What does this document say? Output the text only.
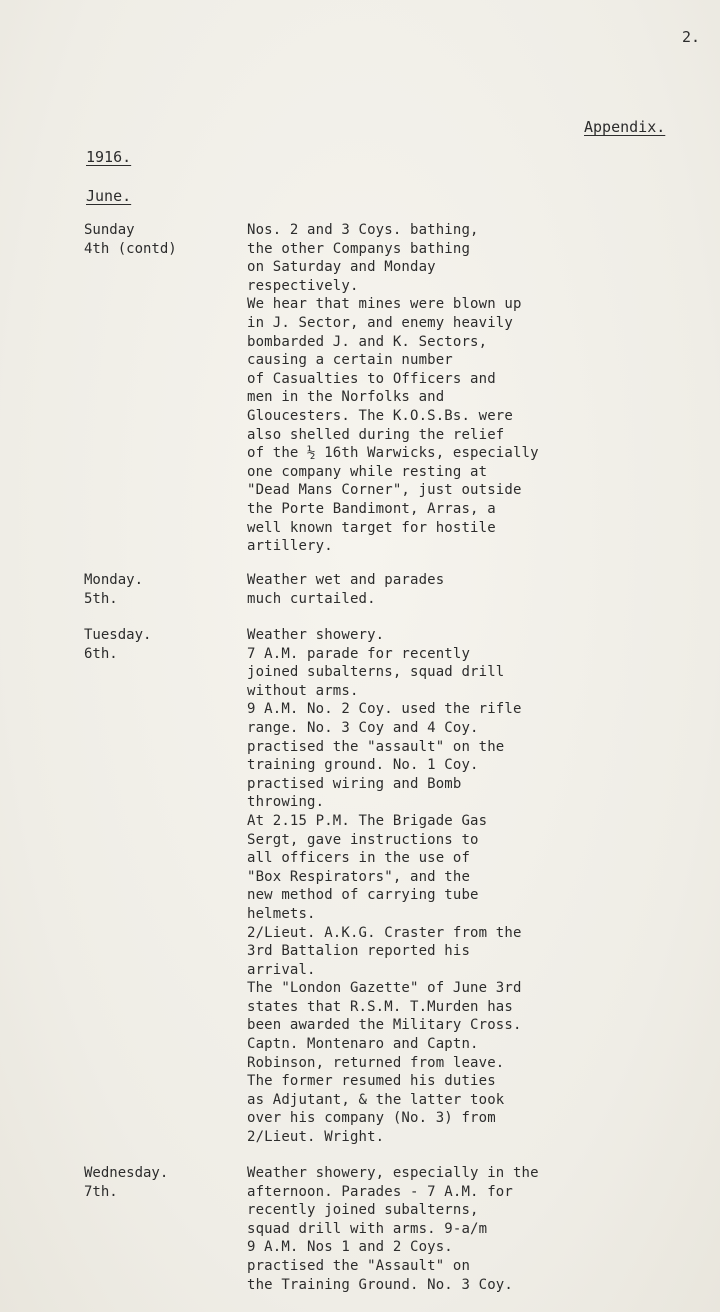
2.
Appendix.
1916.
June.
Sunday
4th (contd)
Nos. 2 and 3 Coys. bathing,
the other Companys bathing
on Saturday and Monday
respectively.
We hear that mines were blown up
in J. Sector, and enemy heavily
bombarded J. and K. Sectors,
causing a certain number
of Casualties to Officers and
men in the Norfolks and
Gloucesters. The K.O.S.Bs. were
also shelled during the relief
of the ½ 16th Warwicks, especially
one company while resting at
"Dead Mans Corner", just outside
the Porte Bandimont, Arras, a
well known target for hostile
artillery.
Monday.
5th.
Weather wet and parades
much curtailed.
Tuesday.
6th.
Weather showery.
7 A.M. parade for recently
joined subalterns, squad drill
without arms.
9 A.M. No. 2 Coy. used the rifle
range. No. 3 Coy and 4 Coy.
practised the "assault" on the
training ground. No. 1 Coy.
practised wiring and Bomb
throwing.
At 2.15 P.M. The Brigade Gas
Sergt, gave instructions to
all officers in the use of
"Box Respirators", and the
new method of carrying tube
helmets.
2/Lieut. A.K.G. Craster from the
3rd Battalion reported his
arrival.
The "London Gazette" of June 3rd
states that R.S.M. T.Murden has
been awarded the Military Cross.
Captn. Montenaro and Captn.
Robinson, returned from leave.
The former resumed his duties
as Adjutant, & the latter took
over his company (No. 3) from
2/Lieut. Wright.
Wednesday.
7th.
Weather showery, especially in the
afternoon. Parades - 7 A.M. for
recently joined subalterns,
squad drill with arms. 9-a/m
9 A.M. Nos 1 and 2 Coys.
practised the "Assault" on
the Training Ground. No. 3 Coy.
